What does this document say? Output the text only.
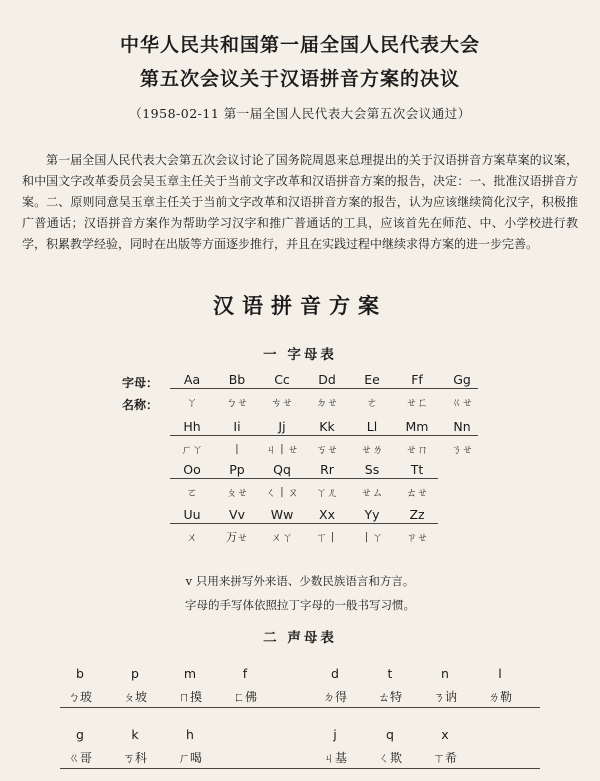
中华人民共和国第一届全国人民代表大会
第五次会议关于汉语拼音方案的决议
（1958-02-11 第一届全国人民代表大会第五次会议通过）

第一届全国人民代表大会第五次会议讨论了国务院周恩来总理提出的关于汉语拼音方案草案的议案，和中国文字改革委员会吴玉章主任关于当前文字改革和汉语拼音方案的报告，决定：一、批准汉语拼音方案。二、原则同意吴玉章主任关于当前文字改革和汉语拼音方案的报告，认为应该继续简化汉字，积极推广普通话；汉语拼音方案作为帮助学习汉字和推广普通话的工具，应该首先在师范、中、小学校进行教学，积累教学经验，同时在出版等方面逐步推行，并且在实践过程中继续求得方案的进一步完善。

汉语拼音方案
一 字母表
字母：
名称：
Aa
ㄚ
Bb
ㄅㄝ
Cc
ㄘㄝ
Dd
ㄉㄝ
Ee
ㄜ
Ff
ㄝㄈ
Gg
ㄍㄝ
Hh
ㄏㄚ
Ii
丨
Jj
ㄐ丨ㄝ
Kk
ㄎㄝ
Ll
ㄝㄌ
Mm
ㄝㄇ
Nn
ㄋㄝ
Oo
ㄛ
Pp
ㄆㄝ
Qq
ㄑ丨ㄡ
Rr
ㄚㄦ
Ss
ㄝㄙ
Tt
ㄊㄝ
Uu
ㄨ
Vv
ㄪㄝ
Ww
ㄨㄚ
Xx
ㄒ丨
Yy
丨ㄚ
Zz
ㄗㄝ
v 只用来拼写外来语、少数民族语言和方言。
字母的手写体依照拉丁字母的一般书写习惯。
二 声母表
b
ㄅ玻
p
ㄆ坡
m
ㄇ摸
f
ㄈ佛
d
ㄉ得
t
ㄊ特
n
ㄋ讷
l
ㄌ勒
g
ㄍ哥
k
ㄎ科
h
ㄏ喝
j
ㄐ基
q
ㄑ欺
x
ㄒ希
